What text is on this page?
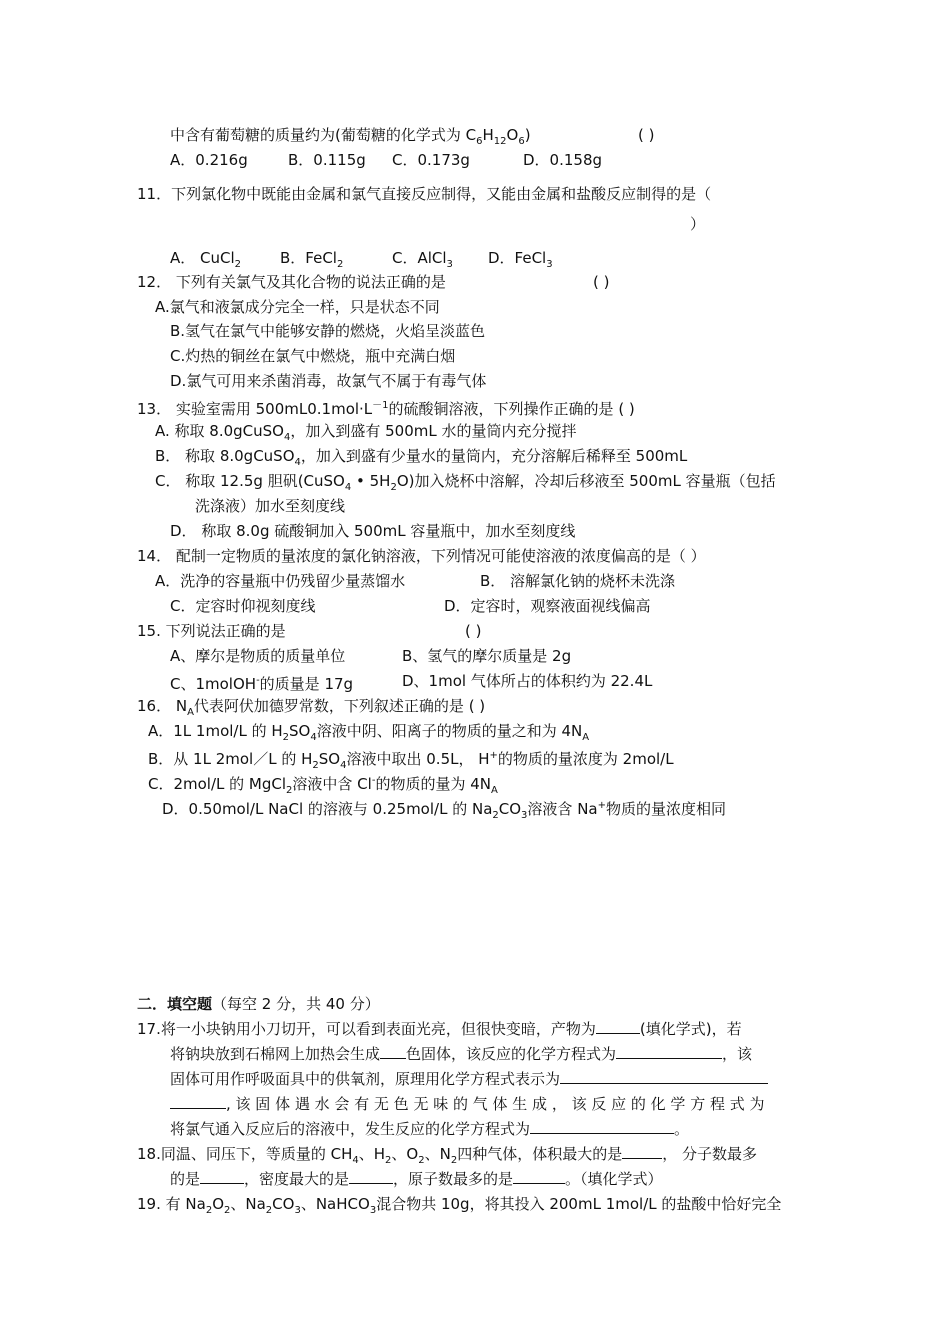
中含有葡萄糖的质量约为(葡萄糖的化学式为 $C_6H_{12}O_6$)	( )
A．0.216g	B．0.115g C．0.173g	D．0.158g
11．下列氯化物中既能由金属和氯气直接反应制得，又能由金属和盐酸反应制得的是（
）
A． CuCl$_2$	B．FeCl$_2$	C．AlCl$_3$ D．FeCl$_3$
12． 下列有关氯气及其化合物的说法正确的是	( )
A.氯气和液氯成分完全一样，只是状态不同
B.氢气在氯气中能够安静的燃烧，火焰呈淡蓝色
C.灼热的铜丝在氯气中燃烧，瓶中充满白烟
D.氯气可用来杀菌消毒，故氯气不属于有毒气体
13． 实验室需用 $500mL0.1mol\cdot L^{-1}$的硫酸铜溶液，下列操作正确的是 ( )
A. 称取 8.0gCuSO$_4$，加入到盛有 500mL 水的量筒内充分搅拌
B． 称取 8.0gCuSO$_4$，加入到盛有少量水的量筒内，充分溶解后稀释至 500mL
C． 称取 12.5g 胆矾(CuSO$_4$ • $5H_2O$)加入烧杯中溶解，冷却后移液至 500mL 容量瓶（包括
洗涤液）加水至刻度线
D． 称取 8.0g 硫酸铜加入 500mL 容量瓶中，加水至刻度线
14． 配制一定物质的量浓度的氯化钠溶液，下列情况可能使溶液的浓度偏高的是（ ）
A．洗净的容量瓶中仍残留少量蒸馏水	B． 溶解氯化钠的烧杯未洗涤
C．定容时仰视刻度线	D．定容时，观察液面视线偏高
15. 下列说法正确的是	( )
A、摩尔是物质的质量单位	B、氢气的摩尔质量是 2g
C、1molOH-的质量是 17g	D、1mol 气体所占的体积约为 22.4L
16． $N_A$代表阿伏加德罗常数，下列叙述正确的是 ( )
A．1L 1mol/L 的 $H_2SO_4$溶液中阴、阳离子的物质的量之和为 $4N_A$
B．从 1L 2mol／L 的 $H_2SO_4$溶液中取出 0.5L， H+的物质的量浓度为 2mol/L
C．2mol/L 的 MgCl$_2$溶液中含 Cl-的物质的量为 $4N_A$
D．0.50mol/L NaCl 的溶液与 0.25mol/L 的 $Na_2CO_3$溶液含 Na+物质的量浓度相同
二．填空题（每空 2 分，共 40 分）
17.将一小块钠用小刀切开，可以看到表面光亮，但很快变暗，产物为	(填化学式)，若
将钠块放到石棉网上加热会生成 色固体，该反应的化学方程式为	，该
固体可用作呼吸面具中的供氧剂，原理用化学方程式表示为
, 该 固 体 遇 水 会 有 无 色 无 味 的 气 体 生 成 ， 该 反 应 的 化 学 方 程 式 为
将氯气通入反应后的溶液中，发生反应的化学方程式为	。
18.同温、同压下，等质量的 $CH_4$、$H_2$、$O_2$、$N_2$四种气体，体积最大的是	， 分子数最多
的是	，密度最大的是	，原子数最多的是	。（填化学式）
19. 有 $Na_2O_2$、$Na_2CO_3$、NaHCO$_3$混合物共 10g，将其投入 200mL 1mol/L 的盐酸中恰好完全
